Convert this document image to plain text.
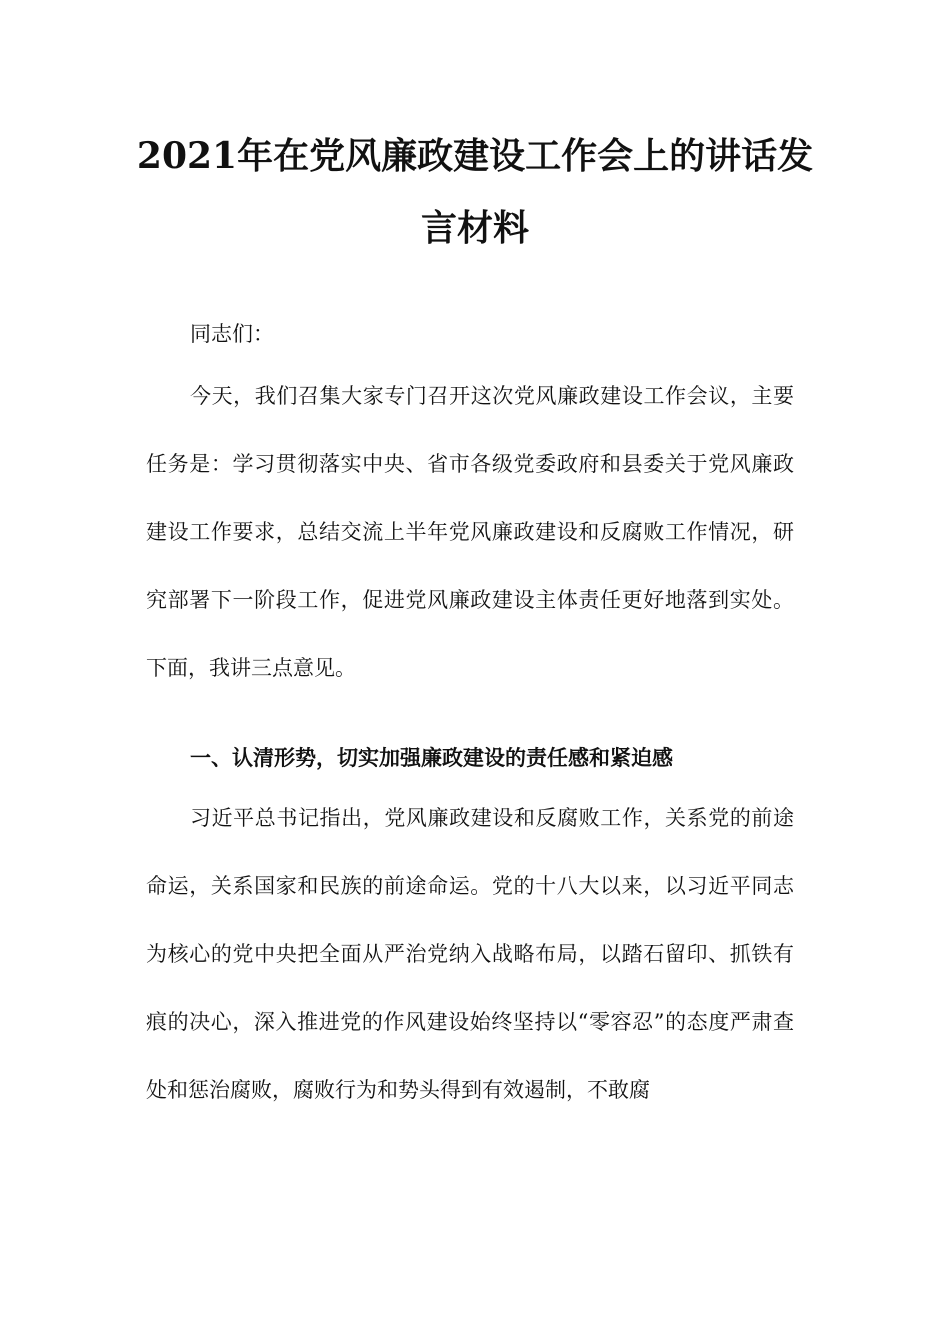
2021年在党风廉政建设工作会上的讲话发
言材料

同志们：

今天，我们召集大家专门召开这次党风廉政建设工作会议，主要任务是：学习贯彻落实中央、省市各级党委政府和县委关于党风廉政建设工作要求，总结交流上半年党风廉政建设和反腐败工作情况，研究部署下一阶段工作，促进党风廉政建设主体责任更好地落到实处。下面，我讲三点意见。

一、认清形势，切实加强廉政建设的责任感和紧迫感

习近平总书记指出，党风廉政建设和反腐败工作，关系党的前途命运，关系国家和民族的前途命运。党的十八大以来，以习近平同志为核心的党中央把全面从严治党纳入战略布局，以踏石留印、抓铁有痕的决心，深入推进党的作风建设始终坚持以“零容忍”的态度严肃查处和惩治腐败，腐败行为和势头得到有效遏制，不敢腐
